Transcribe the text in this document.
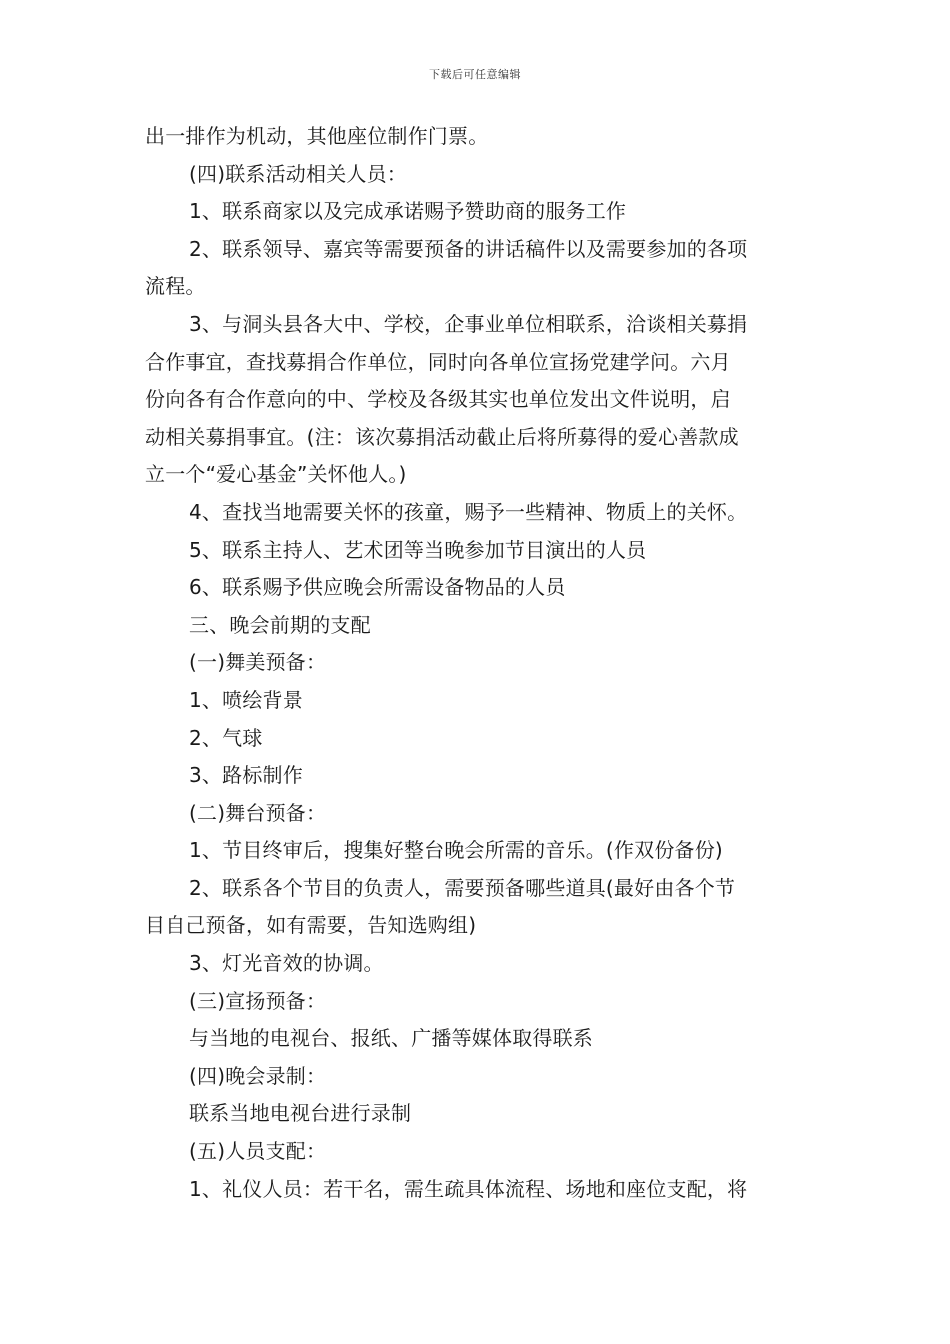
下载后可任意编辑

出一排作为机动，其他座位制作门票。

(四)联系活动相关人员：

1、联系商家以及完成承诺赐予赞助商的服务工作

2、联系领导、嘉宾等需要预备的讲话稿件以及需要参加的各项

流程。

3、与洞头县各大中、学校，企事业单位相联系，洽谈相关募捐

合作事宜，查找募捐合作单位，同时向各单位宣扬党建学问。六月

份向各有合作意向的中、学校及各级其实也单位发出文件说明，启

动相关募捐事宜。(注：该次募捐活动截止后将所募得的爱心善款成

立一个“爱心基金”关怀他人。)

4、查找当地需要关怀的孩童，赐予一些精神、物质上的关怀。

5、联系主持人、艺术团等当晚参加节目演出的人员

6、联系赐予供应晚会所需设备物品的人员

三、晚会前期的支配

(一)舞美预备：

1、喷绘背景

2、气球

3、路标制作

(二)舞台预备：

1、节目终审后，搜集好整台晚会所需的音乐。(作双份备份)

2、联系各个节目的负责人，需要预备哪些道具(最好由各个节

目自己预备，如有需要，告知选购组)

3、灯光音效的协调。

(三)宣扬预备：

与当地的电视台、报纸、广播等媒体取得联系

(四)晚会录制：

联系当地电视台进行录制

(五)人员支配：

1、礼仪人员：若干名，需生疏具体流程、场地和座位支配，将
